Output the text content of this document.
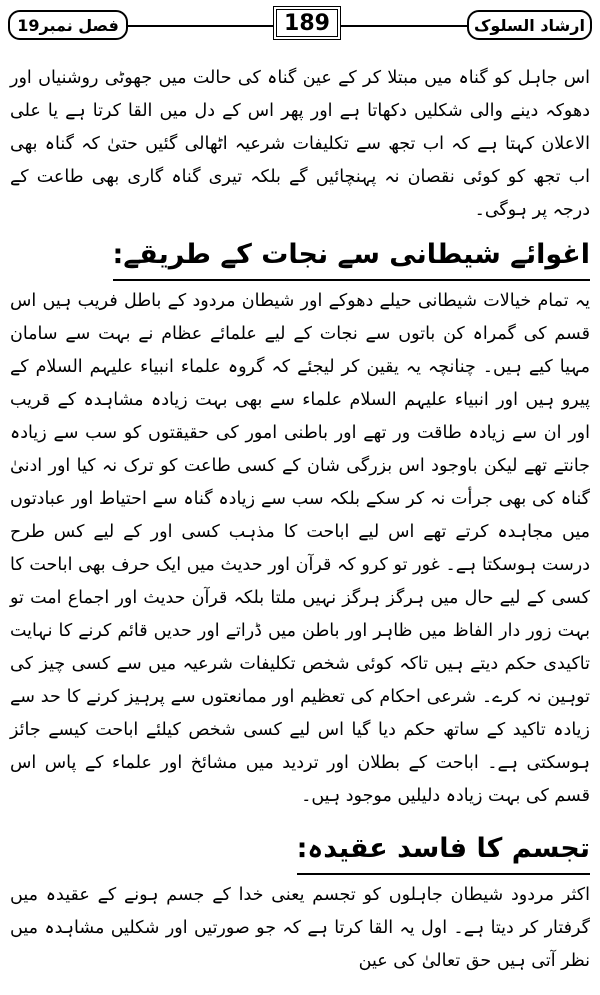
فصل نمبر19	189	ارشاد السلوک

اس جاہل کو گناہ میں مبتلا کر کے عین گناہ کی حالت میں جھوٹی روشنیاں اور دھوکہ دینے والی شکلیں دکھاتا ہے اور پھر اس کے دل میں القا کرتا ہے یا علی الاعلان کہتا ہے کہ اب تجھ سے تکلیفات شرعیہ اٹھالی گئیں حتیٰ کہ گناہ بھی اب تجھ کو کوئی نقصان نہ پہنچائیں گے بلکہ تیری گناہ گاری بھی طاعت کے درجہ پر ہوگی۔

اغوائے شیطانی سے نجات کے طریقے:

یہ تمام خیالات شیطانی حیلے دھوکے اور شیطان مردود کے باطل فریب ہیں اس قسم کی گمراہ کن باتوں سے نجات کے لیے علمائے عظام نے بہت سے سامان مہیا کیے ہیں۔ چنانچہ یہ یقین کر لیجئے کہ گروہ علماء انبیاء علیہم السلام کے پیرو ہیں اور انبیاء علیہم السلام علماء سے بھی بہت زیادہ مشاہدہ کے قریب اور ان سے زیادہ طاقت ور تھے اور باطنی امور کی حقیقتوں کو سب سے زیادہ جانتے تھے لیکن باوجود اس بزرگی شان کے کسی طاعت کو ترک نہ کیا اور ادنیٰ گناہ کی بھی جرأت نہ کر سکے بلکہ سب سے زیادہ گناہ سے احتیاط اور عبادتوں میں مجاہدہ کرتے تھے اس لیے اباحت کا مذہب کسی اور کے لیے کس طرح درست ہوسکتا ہے۔ غور تو کرو کہ قرآن اور حدیث میں ایک حرف بھی اباحت کا کسی کے لیے حال میں ہرگز ہرگز نہیں ملتا بلکہ قرآن حدیث اور اجماع امت تو بہت زور دار الفاظ میں ظاہر اور باطن میں ڈراتے اور حدیں قائم کرنے کا نہایت تاکیدی حکم دیتے ہیں تاکہ کوئی شخص تکلیفات شرعیہ میں سے کسی چیز کی توہین نہ کرے۔ شرعی احکام کی تعظیم اور ممانعتوں سے پرہیز کرنے کا حد سے زیادہ تاکید کے ساتھ حکم دیا گیا اس لیے کسی شخص کیلئے اباحت کیسے جائز ہوسکتی ہے۔ اباحت کے بطلان اور تردید میں مشائخ اور علماء کے پاس اس قسم کی بہت زیادہ دلیلیں موجود ہیں۔

تجسم کا فاسد عقیدہ:

اکثر مردود شیطان جاہلوں کو تجسم یعنی خدا کے جسم ہونے کے عقیدہ میں گرفتار کر دیتا ہے۔ اول یہ القا کرتا ہے کہ جو صورتیں اور شکلیں مشاہدہ میں نظر آتی ہیں حق تعالیٰ کی عین
